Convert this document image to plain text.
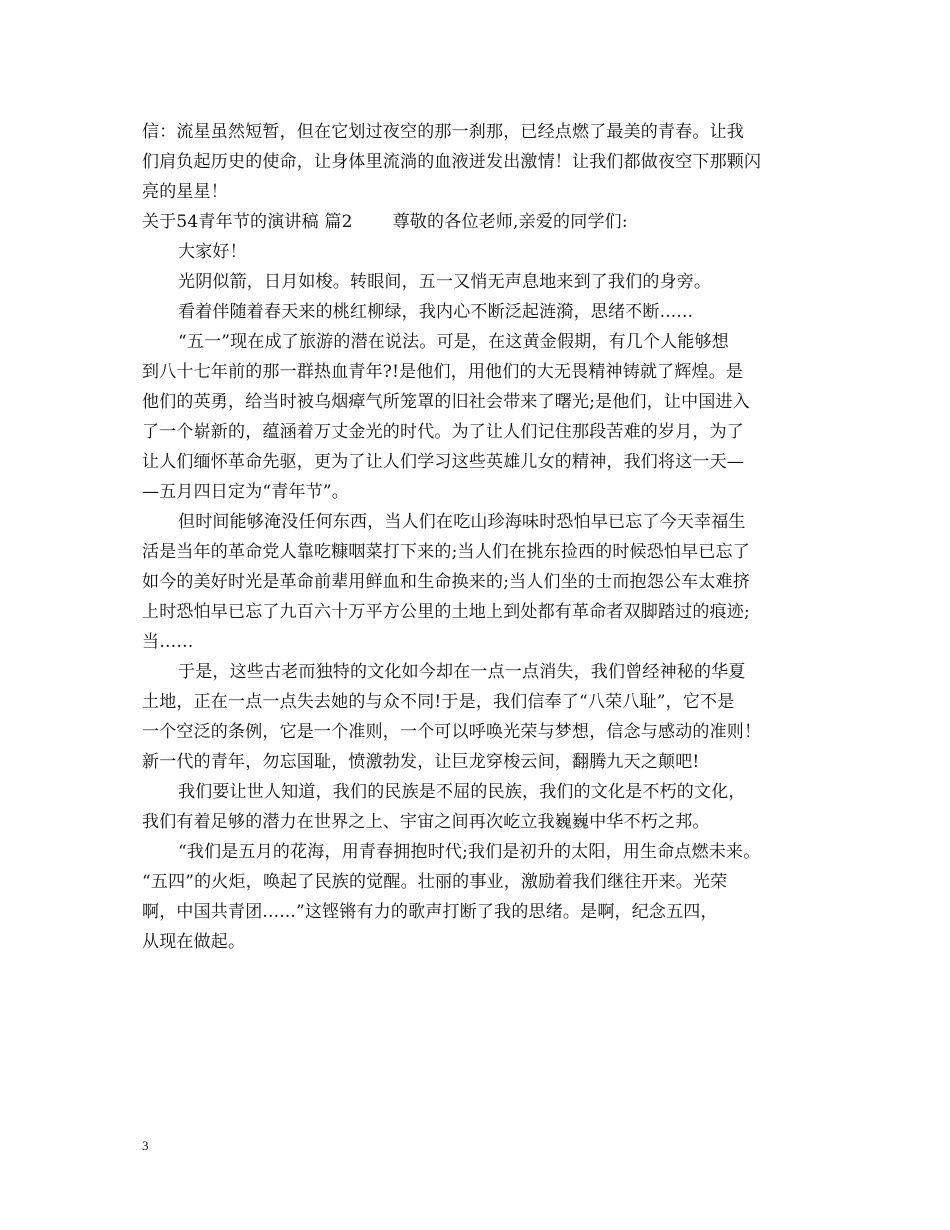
信：流星虽然短暂，但在它划过夜空的那一刹那，已经点燃了最美的青春。让我
们肩负起历史的使命，让身体里流淌的血液迸发出激情！让我们都做夜空下那颗闪
亮的星星！
关于54青年节的演讲稿 篇2　　 尊敬的各位老师,亲爱的同学们:
大家好！
光阴似箭，日月如梭。转眼间，五一又悄无声息地来到了我们的身旁。
看着伴随着春天来的桃红柳绿，我内心不断泛起涟漪，思绪不断......
“五一”现在成了旅游的潜在说法。可是，在这黄金假期，有几个人能够想
到八十七年前的那一群热血青年?!是他们，用他们的大无畏精神铸就了辉煌。是
他们的英勇，给当时被乌烟瘴气所笼罩的旧社会带来了曙光;是他们，让中国进入
了一个崭新的，蕴涵着万丈金光的时代。为了让人们记住那段苦难的岁月，为了
让人们缅怀革命先驱，更为了让人们学习这些英雄儿女的精神，我们将这一天—
—五月四日定为“青年节”。
但时间能够淹没任何东西，当人们在吃山珍海味时恐怕早已忘了今天幸福生
活是当年的革命党人靠吃糠咽菜打下来的;当人们在挑东捡西的时候恐怕早已忘了
如今的美好时光是革命前辈用鲜血和生命换来的;当人们坐的士而抱怨公车太难挤
上时恐怕早已忘了九百六十万平方公里的土地上到处都有革命者双脚踏过的痕迹;
当……
于是，这些古老而独特的文化如今却在一点一点消失，我们曾经神秘的华夏
土地，正在一点一点失去她的与众不同!于是，我们信奉了“八荣八耻”，它不是
一个空泛的条例，它是一个准则，一个可以呼唤光荣与梦想，信念与感动的准则！
新一代的青年，勿忘国耻，愤激勃发，让巨龙穿梭云间，翻腾九天之颠吧!
我们要让世人知道，我们的民族是不屈的民族，我们的文化是不朽的文化，
我们有着足够的潜力在世界之上、宇宙之间再次屹立我巍巍中华不朽之邦。
“我们是五月的花海，用青春拥抱时代;我们是初升的太阳，用生命点燃未来。
“五四”的火炬，唤起了民族的觉醒。壮丽的事业，激励着我们继往开来。光荣
啊，中国共青团......”这铿锵有力的歌声打断了我的思绪。是啊，纪念五四，
从现在做起。
3
